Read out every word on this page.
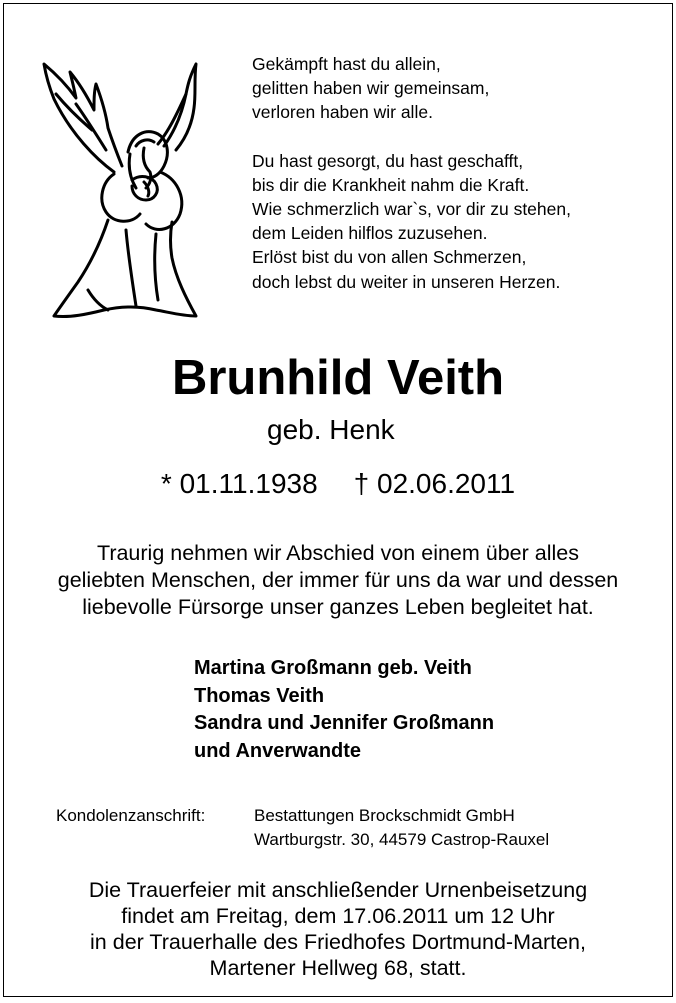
Gekämpft hast du allein,
gelitten haben wir gemeinsam,
verloren haben wir alle.
Du hast gesorgt, du hast geschafft,
bis dir die Krankheit nahm die Kraft.
Wie schmerzlich war`s, vor dir zu stehen,
dem Leiden hilflos zuzusehen.
Erlöst bist du von allen Schmerzen,
doch lebst du weiter in unseren Herzen.
Brunhild Veith
geb. Henk
* 01.11.1938 † 02.06.2011
Traurig nehmen wir Abschied von einem über alles
geliebten Menschen, der immer für uns da war und dessen
liebevolle Fürsorge unser ganzes Leben begleitet hat.
Martina Großmann geb. Veith
Thomas Veith
Sandra und Jennifer Großmann
und Anverwandte
Kondolenzanschrift:	Bestattungen Brockschmidt GmbH
Wartburgstr. 30, 44579 Castrop-Rauxel
Die Trauerfeier mit anschließender Urnenbeisetzung
findet am Freitag, dem 17.06.2011 um 12 Uhr
in der Trauerhalle des Friedhofes Dortmund-Marten,
Martener Hellweg 68, statt.
